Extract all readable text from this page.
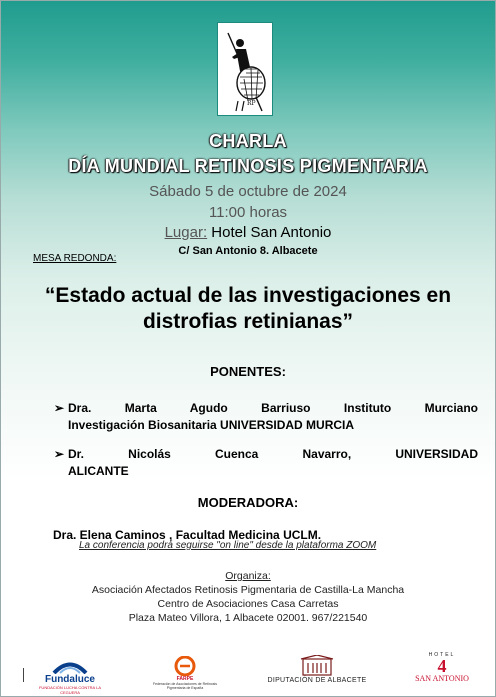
RP
CHARLA
DÍA MUNDIAL RETINOSIS PIGMENTARIA
Sábado 5 de octubre de 2024
11:00 horas
Lugar: Hotel San Antonio
C/ San Antonio 8. Albacete
MESA REDONDA:
“Estado actual de las investigaciones en distrofias retinianas”
PONENTES:
➢ Dra. Marta Agudo Barriuso Instituto Murciano
Investigación Biosanitaria UNIVERSIDAD MURCIA
➢ Dr. Nicolás Cuenca Navarro, UNIVERSIDAD
ALICANTE
MODERADORA:
Dra. Elena Caminos , Facultad Medicina UCLM.
La conferencia podrá seguirse "on line" desde la plataforma ZOOM
Organiza:
Asociación Afectados Retinosis Pigmentaria de Castilla-La Mancha
Centro de Asociaciones Casa Carretas
Plaza Mateo Villora, 1 Albacete 02001. 967/221540
Fundaluce
FUNDACIÓN LUCHA CONTRA LA CEGUERA
FARPE
Federación de Asociaciones de Retinosis Pigmentaria de España
DIPUTACIÓN DE ALBACETE
HOTEL
4
SAN ANTONIO
